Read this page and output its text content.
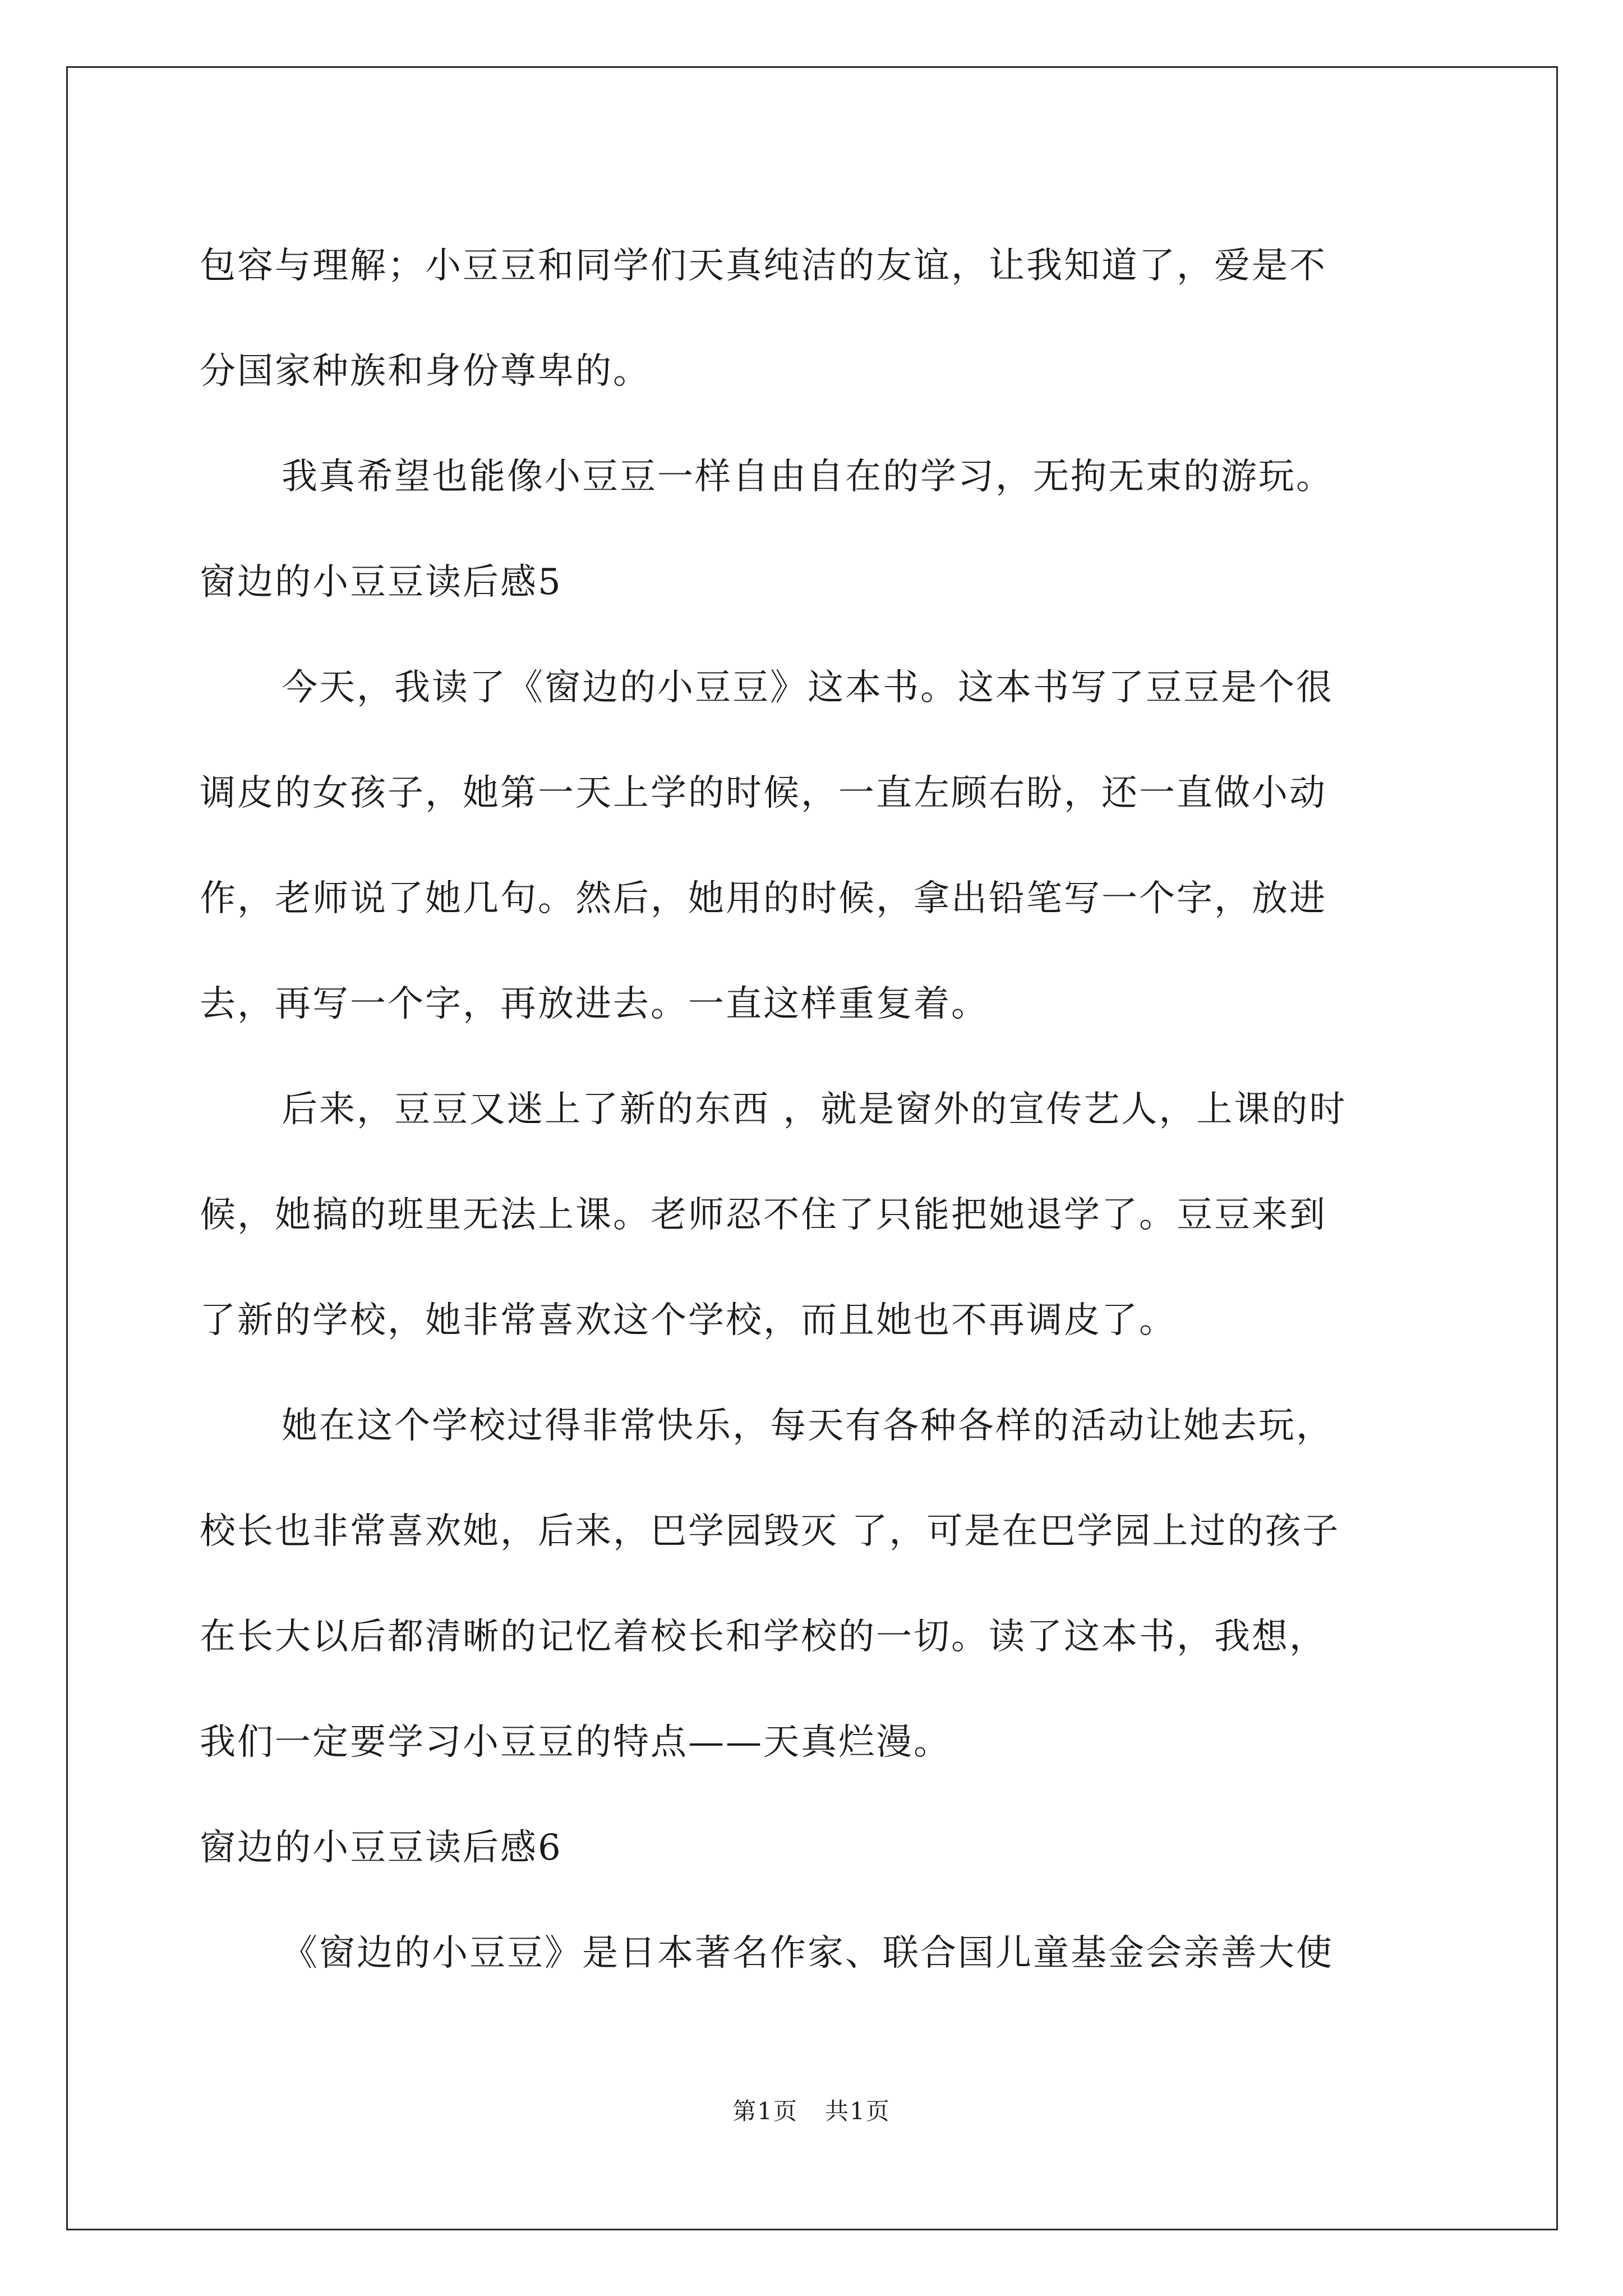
包容与理解；小豆豆和同学们天真纯洁的友谊，让我知道了，爱是不
分国家种族和身份尊卑的。
我真希望也能像小豆豆一样自由自在的学习，无拘无束的游玩。
窗边的小豆豆读后感5
今天，我读了《窗边的小豆豆》这本书。这本书写了豆豆是个很
调皮的女孩子，她第一天上学的时候，一直左顾右盼，还一直做小动
作，老师说了她几句。然后，她用的时候，拿出铅笔写一个字，放进
去，再写一个字，再放进去。一直这样重复着。
后来，豆豆又迷上了新的东西 ，就是窗外的宣传艺人，上课的时
候，她搞的班里无法上课。老师忍不住了只能把她退学了。豆豆来到
了新的学校，她非常喜欢这个学校，而且她也不再调皮了。
她在这个学校过得非常快乐，每天有各种各样的活动让她去玩，
校长也非常喜欢她，后来，巴学园毁灭 了，可是在巴学园上过的孩子
在长大以后都清晰的记忆着校长和学校的一切。读了这本书，我想，
我们一定要学习小豆豆的特点——天真烂漫。
窗边的小豆豆读后感6
《窗边的小豆豆》是日本著名作家、联合国儿童基金会亲善大使
第1页 共1页
